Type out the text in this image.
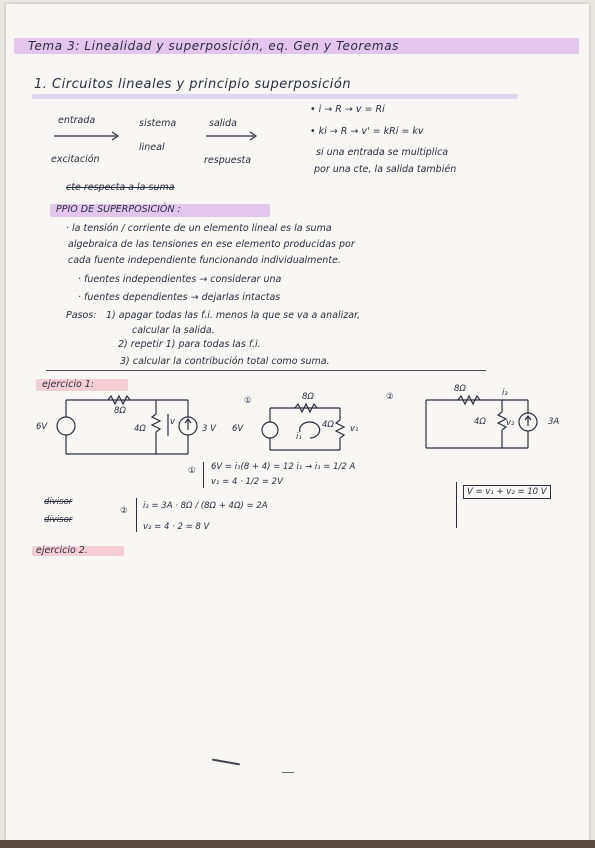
Tema 3: Linealidad y superposición, eq. Gen y Teoremas
1. Circuitos lineales y principio superposición
entrada	sistema	salida
lineal
excitación	respuesta
• i → R → v = Ri
• ki → R → v' = kRi = kv
si una entrada se multiplica
por una cte, la salida también
cte respecta a la suma
PPIO DE SUPERPOSICIÓN :
· la tensión / corriente de un elemento lineal es la suma
algebraica de las tensiones en ese elemento producidas por
cada fuente independiente funcionando individualmente.
· fuentes independientes → considerar una
· fuentes dependientes → dejarlas intactas
Pasos: 1) apagar todas las f.i. menos la que se va a analizar,
calcular la salida.
2) repetir 1) para todas las f.i.
3) calcular la contribución total como suma.
ejercicio 1:
6V
8Ω
4Ω
v
3 V
①
6V
8Ω
4Ω
i₁
v₁
②
8Ω	i₃
4Ω v₂	3A
① 6V = i₁(8 + 4) = 12 i₁ → i₁ = 1/2 A
v₁ = 4 · 1/2 = 2V
divisor
divisor
② i₃ = 3A · 8Ω / (8Ω + 4Ω) = 2A
v₂ = 4 · 2 = 8 V
V = v₁ + v₂ = 10 V
ejercicio 2.
